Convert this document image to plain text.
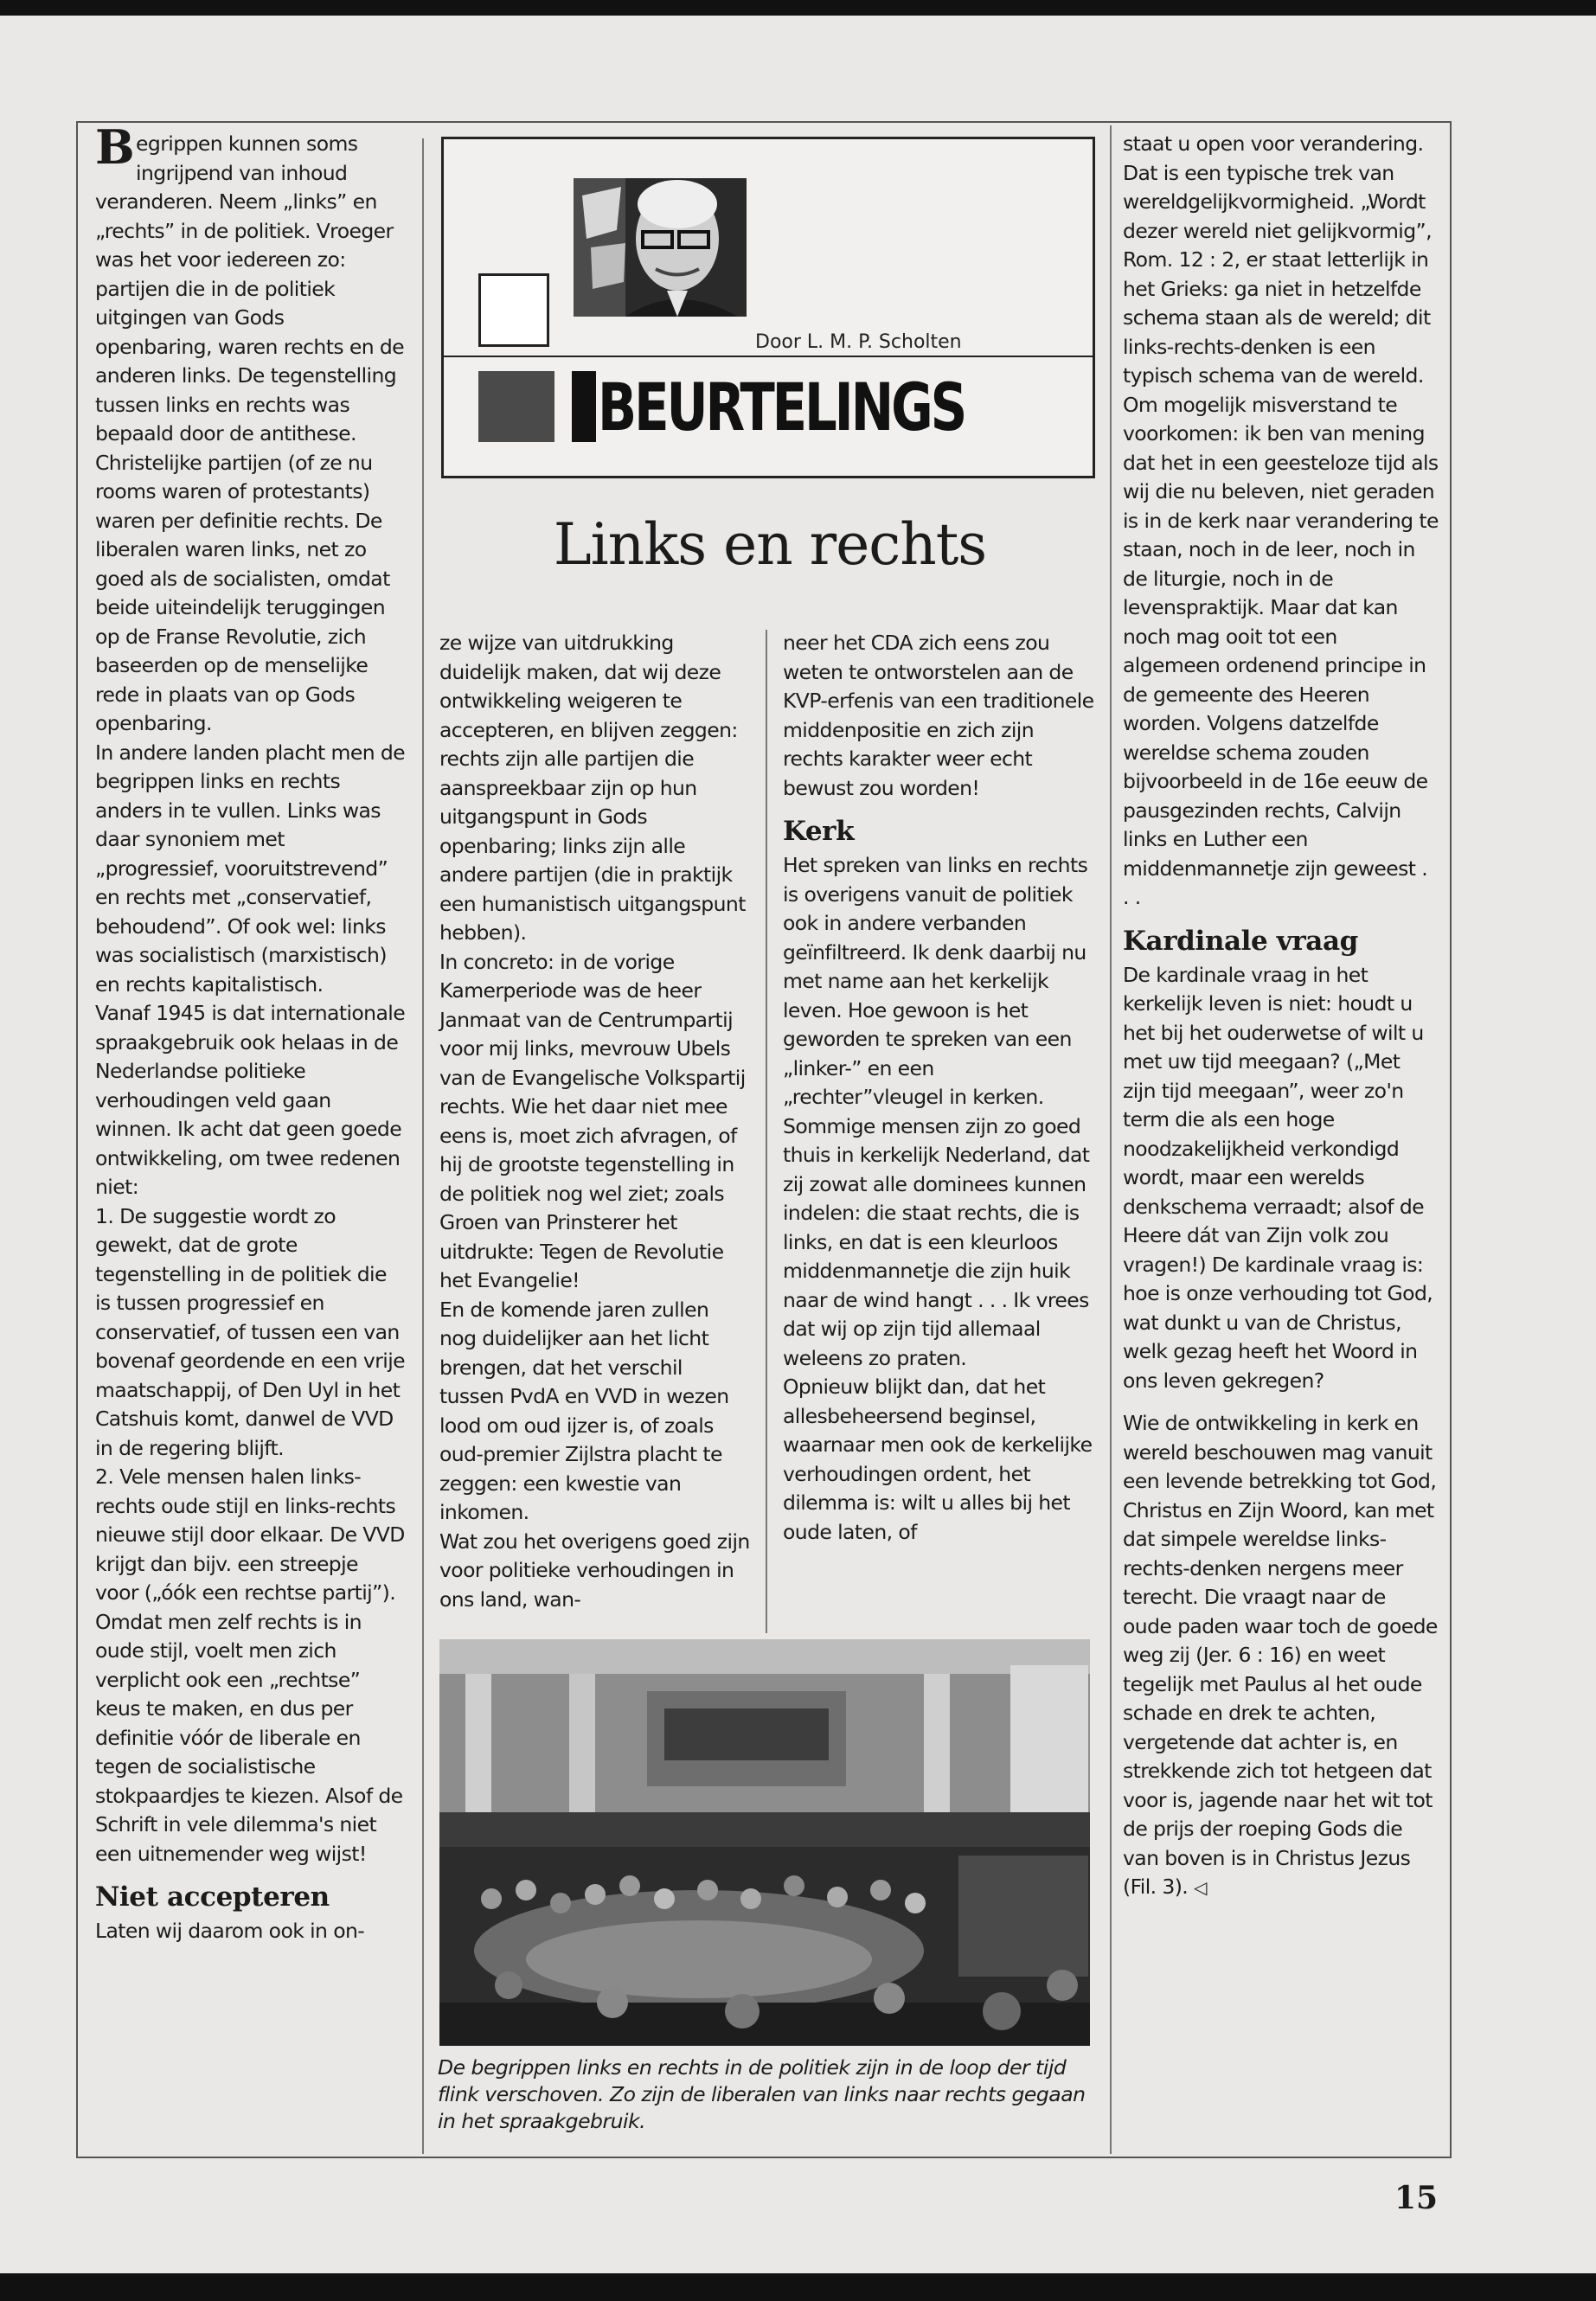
Begrippen kunnen soms ingrijpend van inhoud veranderen. Neem „links” en „rechts” in de politiek. Vroeger was het voor iedereen zo: partijen die in de politiek uitgingen van Gods openbaring, waren rechts en de anderen links. De tegenstelling tussen links en rechts was bepaald door de antithese. Christelijke partijen (of ze nu rooms waren of protestants) waren per definitie rechts. De liberalen waren links, net zo goed als de socialisten, omdat beide uiteindelijk teruggingen op de Franse Revolutie, zich baseerden op de menselijke rede in plaats van op Gods openbaring.

In andere landen placht men de begrippen links en rechts anders in te vullen. Links was daar synoniem met „progressief, vooruitstrevend” en rechts met „conservatief, behoudend”. Of ook wel: links was socialistisch (marxistisch) en rechts kapitalistisch.

Vanaf 1945 is dat internationale spraakgebruik ook helaas in de Nederlandse politieke verhoudingen veld gaan winnen. Ik acht dat geen goede ontwikkeling, om twee redenen niet:

1. De suggestie wordt zo gewekt, dat de grote tegenstelling in de politiek die is tussen progressief en conservatief, of tussen een van bovenaf geordende en een vrije maatschappij, of Den Uyl in het Catshuis komt, danwel de VVD in de regering blijft.

2. Vele mensen halen links-rechts oude stijl en links-rechts nieuwe stijl door elkaar. De VVD krijgt dan bijv. een streepje voor („óók een rechtse partij”). Omdat men zelf rechts is in oude stijl, voelt men zich verplicht ook een „rechtse” keus te maken, en dus per definitie vóór de liberale en tegen de socialistische stokpaardjes te kiezen. Alsof de Schrift in vele dilemma's niet een uitnemender weg wijst!

Niet accepteren

Laten wij daarom ook in on-

Door L. M. P. Scholten
BEURTELINGS
Links en rechts

ze wijze van uitdrukking duidelijk maken, dat wij deze ontwikkeling weigeren te accepteren, en blijven zeggen: rechts zijn alle partijen die aanspreekbaar zijn op hun uitgangspunt in Gods openbaring; links zijn alle andere partijen (die in praktijk een humanistisch uitgangspunt hebben).

In concreto: in de vorige Kamerperiode was de heer Janmaat van de Centrumpartij voor mij links, mevrouw Ubels van de Evangelische Volkspartij rechts. Wie het daar niet mee eens is, moet zich afvragen, of hij de grootste tegenstelling in de politiek nog wel ziet; zoals Groen van Prinsterer het uitdrukte: Tegen de Revolutie het Evangelie!

En de komende jaren zullen nog duidelijker aan het licht brengen, dat het verschil tussen PvdA en VVD in wezen lood om oud ijzer is, of zoals oud-premier Zijlstra placht te zeggen: een kwestie van inkomen.

Wat zou het overigens goed zijn voor politieke verhoudingen in ons land, wan-

neer het CDA zich eens zou weten te ontworstelen aan de KVP-erfenis van een traditionele middenpositie en zich zijn rechts karakter weer echt bewust zou worden!

Kerk

Het spreken van links en rechts is overigens vanuit de politiek ook in andere verbanden geïnfiltreerd. Ik denk daarbij nu met name aan het kerkelijk leven. Hoe gewoon is het geworden te spreken van een „linker-” en een „rechter”vleugel in kerken. Sommige mensen zijn zo goed thuis in kerkelijk Nederland, dat zij zowat alle dominees kunnen indelen: die staat rechts, die is links, en dat is een kleurloos middenmannetje die zijn huik naar de wind hangt . . . Ik vrees dat wij op zijn tijd allemaal weleens zo praten.

Opnieuw blijkt dan, dat het allesbeheersend beginsel, waarnaar men ook de kerkelijke verhoudingen ordent, het dilemma is: wilt u alles bij het oude laten, of

De begrippen links en rechts in de politiek zijn in de loop der tijd flink verschoven. Zo zijn de liberalen van links naar rechts gegaan in het spraakgebruik.

staat u open voor verandering.

Dat is een typische trek van wereldgelijkvormigheid. „Wordt dezer wereld niet gelijkvormig”, Rom. 12 : 2, er staat letterlijk in het Grieks: ga niet in hetzelfde schema staan als de wereld; dit links-rechts-denken is een typisch schema van de wereld.

Om mogelijk misverstand te voorkomen: ik ben van mening dat het in een geesteloze tijd als wij die nu beleven, niet geraden is in de kerk naar verandering te staan, noch in de leer, noch in de liturgie, noch in de levenspraktijk. Maar dat kan noch mag ooit tot een algemeen ordenend principe in de gemeente des Heeren worden. Volgens datzelfde wereldse schema zouden bijvoorbeeld in de 16e eeuw de pausgezinden rechts, Calvijn links en Luther een middenmannetje zijn geweest . . .

Kardinale vraag

De kardinale vraag in het kerkelijk leven is niet: houdt u het bij het ouderwetse of wilt u met uw tijd meegaan? („Met zijn tijd meegaan”, weer zo'n term die als een hoge noodzakelijkheid verkondigd wordt, maar een werelds denkschema verraadt; alsof de Heere dát van Zijn volk zou vragen!) De kardinale vraag is: hoe is onze verhouding tot God, wat dunkt u van de Christus, welk gezag heeft het Woord in ons leven gekregen?

Wie de ontwikkeling in kerk en wereld beschouwen mag vanuit een levende betrekking tot God, Christus en Zijn Woord, kan met dat simpele wereldse links-rechts-denken nergens meer terecht. Die vraagt naar de oude paden waar toch de goede weg zij (Jer. 6 : 16) en weet tegelijk met Paulus al het oude schade en drek te achten, vergetende dat achter is, en strekkende zich tot hetgeen dat voor is, jagende naar het wit tot de prijs der roeping Gods die van boven is in Christus Jezus (Fil. 3). ◁

15
